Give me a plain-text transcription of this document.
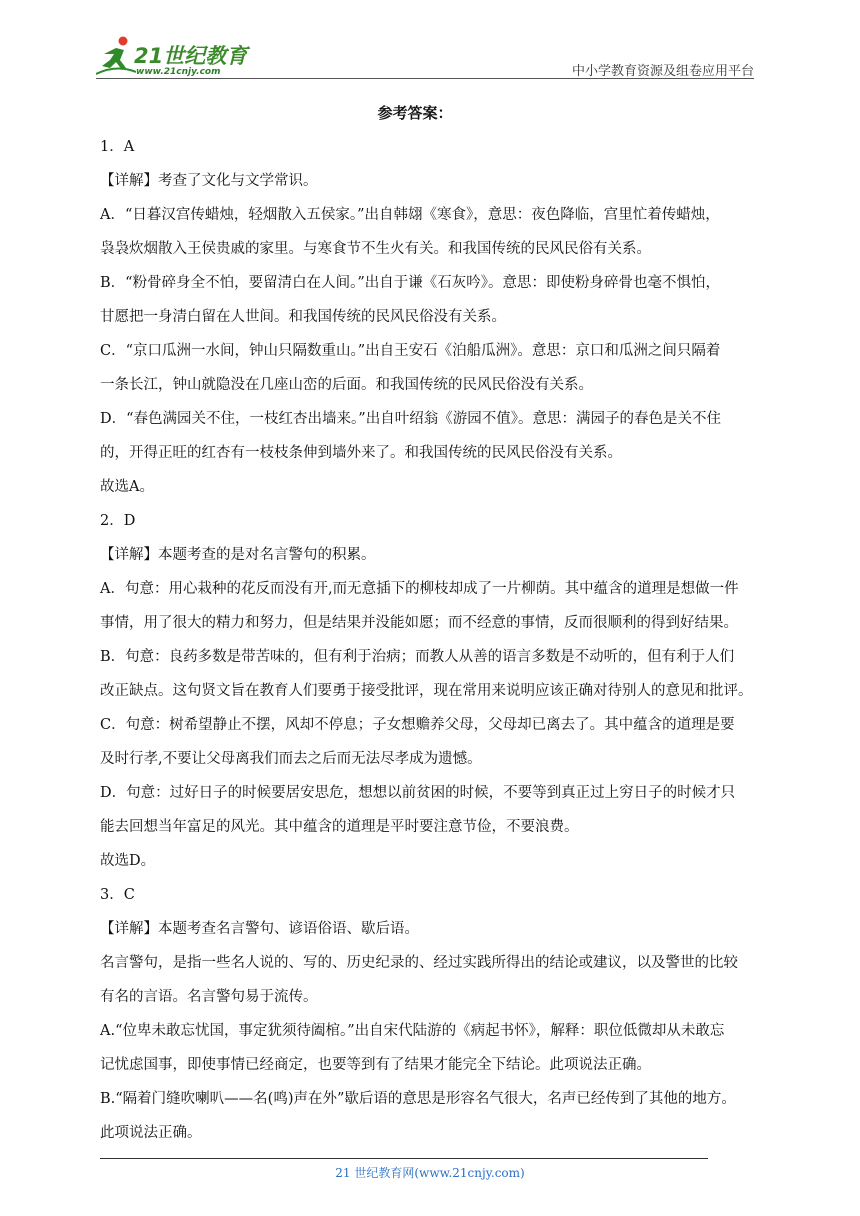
21世纪教育
www.21cnjy.com	中小学教育资源及组卷应用平台
参考答案：
1．A
【详解】考查了文化与文学常识。
A．“日暮汉宫传蜡烛，轻烟散入五侯家。”出自韩翃《寒食》，意思：夜色降临，宫里忙着传蜡烛，
袅袅炊烟散入王侯贵戚的家里。与寒食节不生火有关。和我国传统的民风民俗有关系。
B．“粉骨碎身全不怕，要留清白在人间。”出自于谦《石灰吟》。意思：即使粉身碎骨也毫不惧怕，
甘愿把一身清白留在人世间。和我国传统的民风民俗没有关系。
C．“京口瓜洲一水间，钟山只隔数重山。”出自王安石《泊船瓜洲》。意思：京口和瓜洲之间只隔着
一条长江，钟山就隐没在几座山峦的后面。和我国传统的民风民俗没有关系。
D．“春色满园关不住，一枝红杏出墙来。”出自叶绍翁《游园不值》。意思：满园子的春色是关不住
的，开得正旺的红杏有一枝枝条伸到墙外来了。和我国传统的民风民俗没有关系。
故选A。
2．D
【详解】本题考查的是对名言警句的积累。
A．句意：用心栽种的花反而没有开,而无意插下的柳枝却成了一片柳荫。其中蕴含的道理是想做一件
事情，用了很大的精力和努力，但是结果并没能如愿；而不经意的事情，反而很顺利的得到好结果。
B．句意：良药多数是带苦味的，但有利于治病；而教人从善的语言多数是不动听的，但有利于人们
改正缺点。这句贤文旨在教育人们要勇于接受批评，现在常用来说明应该正确对待别人的意见和批评。
C．句意：树希望静止不摆，风却不停息；子女想赡养父母，父母却已离去了。其中蕴含的道理是要
及时行孝,不要让父母离我们而去之后而无法尽孝成为遗憾。
D．句意：过好日子的时候要居安思危，想想以前贫困的时候，不要等到真正过上穷日子的时候才只
能去回想当年富足的风光。其中蕴含的道理是平时要注意节俭，不要浪费。
故选D。
3．C
【详解】本题考查名言警句、谚语俗语、歇后语。
名言警句，是指一些名人说的、写的、历史纪录的、经过实践所得出的结论或建议，以及警世的比较
有名的言语。名言警句易于流传。
A.“位卑未敢忘忧国，事定犹须待阖棺。”出自宋代陆游的《病起书怀》，解释：职位低微却从未敢忘
记忧虑国事，即使事情已经商定，也要等到有了结果才能完全下结论。此项说法正确。
B.“隔着门缝吹喇叭——名(鸣)声在外”歇后语的意思是形容名气很大，名声已经传到了其他的地方。
此项说法正确。
21 世纪教育网(www.21cnjy.com)
